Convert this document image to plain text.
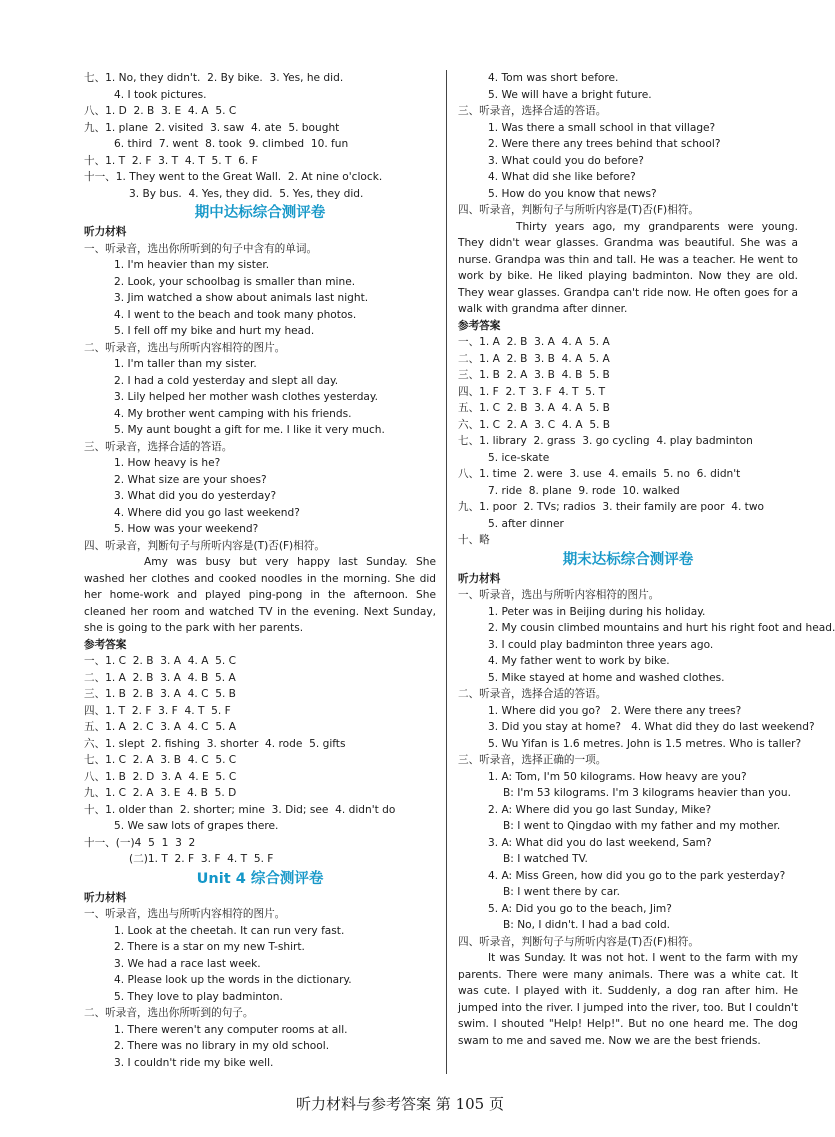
七、1. No, they didn't.  2. By bike.  3. Yes, he did.
4. I took pictures.
八、1. D  2. B  3. E  4. A  5. C
九、1. plane  2. visited  3. saw  4. ate  5. bought
6. third  7. went  8. took  9. climbed  10. fun
十、1. T  2. F  3. T  4. T  5. T  6. F
十一、1. They went to the Great Wall.  2. At nine o'clock.
3. By bus.  4. Yes, they did.  5. Yes, they did.
期中达标综合测评卷
听力材料
一、听录音，选出你所听到的句子中含有的单词。
1. I'm heavier than my sister.
2. Look, your schoolbag is smaller than mine.
3. Jim watched a show about animals last night.
4. I went to the beach and took many photos.
5. I fell off my bike and hurt my head.
二、听录音，选出与所听内容相符的图片。
1. I'm taller than my sister.
2. I had a cold yesterday and slept all day.
3. Lily helped her mother wash clothes yesterday.
4. My brother went camping with his friends.
5. My aunt bought a gift for me. I like it very much.
三、听录音，选择合适的答语。
1. How heavy is he?
2. What size are your shoes?
3. What did you do yesterday?
4. Where did you go last weekend?
5. How was your weekend?
四、听录音，判断句子与所听内容是(T)否(F)相符。
Amy was busy but very happy last Sunday. She washed her clothes and cooked noodles in the morning. She did her home-work and played ping-pong in the afternoon. She cleaned her room and watched TV in the evening. Next Sunday, she is going to the park with her parents.
参考答案
一、1. C  2. B  3. A  4. A  5. C
二、1. A  2. B  3. A  4. B  5. A
三、1. B  2. B  3. A  4. C  5. B
四、1. T  2. F  3. F  4. T  5. F
五、1. A  2. C  3. A  4. C  5. A
六、1. slept  2. fishing  3. shorter  4. rode  5. gifts
七、1. C  2. A  3. B  4. C  5. C
八、1. B  2. D  3. A  4. E  5. C
九、1. C  2. A  3. E  4. B  5. D
十、1. older than  2. shorter; mine  3. Did; see  4. didn't do
5. We saw lots of grapes there.
十一、(一)4  5  1  3  2
(二)1. T  2. F  3. F  4. T  5. F
Unit 4 综合测评卷
听力材料
一、听录音，选出与所听内容相符的图片。
1. Look at the cheetah. It can run very fast.
2. There is a star on my new T-shirt.
3. We had a race last week.
4. Please look up the words in the dictionary.
5. They love to play badminton.
二、听录音，选出你所听到的句子。
1. There weren't any computer rooms at all.
2. There was no library in my old school.
3. I couldn't ride my bike well.
4. Tom was short before.
5. We will have a bright future.
三、听录音，选择合适的答语。
1. Was there a small school in that village?
2. Were there any trees behind that school?
3. What could you do before?
4. What did she like before?
5. How do you know that news?
四、听录音，判断句子与所听内容是(T)否(F)相符。
Thirty years ago, my grandparents were young. They didn't wear glasses. Grandma was beautiful. She was a nurse. Grandpa was thin and tall. He was a teacher. He went to work by bike. He liked playing badminton. Now they are old. They wear glasses. Grandpa can't ride now. He often goes for a walk with grandma after dinner.
参考答案
一、1. A  2. B  3. A  4. A  5. A
二、1. A  2. B  3. B  4. A  5. A
三、1. B  2. A  3. B  4. B  5. B
四、1. F  2. T  3. F  4. T  5. T
五、1. C  2. B  3. A  4. A  5. B
六、1. C  2. A  3. C  4. A  5. B
七、1. library  2. grass  3. go cycling  4. play badminton
5. ice-skate
八、1. time  2. were  3. use  4. emails  5. no  6. didn't
7. ride  8. plane  9. rode  10. walked
九、1. poor  2. TVs; radios  3. their family are poor  4. two
5. after dinner
十、略
期末达标综合测评卷
听力材料
一、听录音，选出与所听内容相符的图片。
1. Peter was in Beijing during his holiday.
2. My cousin climbed mountains and hurt his right foot and head.
3. I could play badminton three years ago.
4. My father went to work by bike.
5. Mike stayed at home and washed clothes.
二、听录音，选择合适的答语。
1. Where did you go?   2. Were there any trees?
3. Did you stay at home?   4. What did they do last weekend?
5. Wu Yifan is 1.6 metres. John is 1.5 metres. Who is taller?
三、听录音，选择正确的一项。
1. A: Tom, I'm 50 kilograms. How heavy are you?
B: I'm 53 kilograms. I'm 3 kilograms heavier than you.
2. A: Where did you go last Sunday, Mike?
B: I went to Qingdao with my father and my mother.
3. A: What did you do last weekend, Sam?
B: I watched TV.
4. A: Miss Green, how did you go to the park yesterday?
B: I went there by car.
5. A: Did you go to the beach, Jim?
B: No, I didn't. I had a bad cold.
四、听录音，判断句子与所听内容是(T)否(F)相符。
It was Sunday. It was not hot. I went to the farm with my parents. There were many animals. There was a white cat. It was cute. I played with it. Suddenly, a dog ran after him. He jumped into the river. I jumped into the river, too. But I couldn't swim. I shouted "Help! Help!". But no one heard me. The dog swam to me and saved me. Now we are the best friends.
听力材料与参考答案 第 105 页
